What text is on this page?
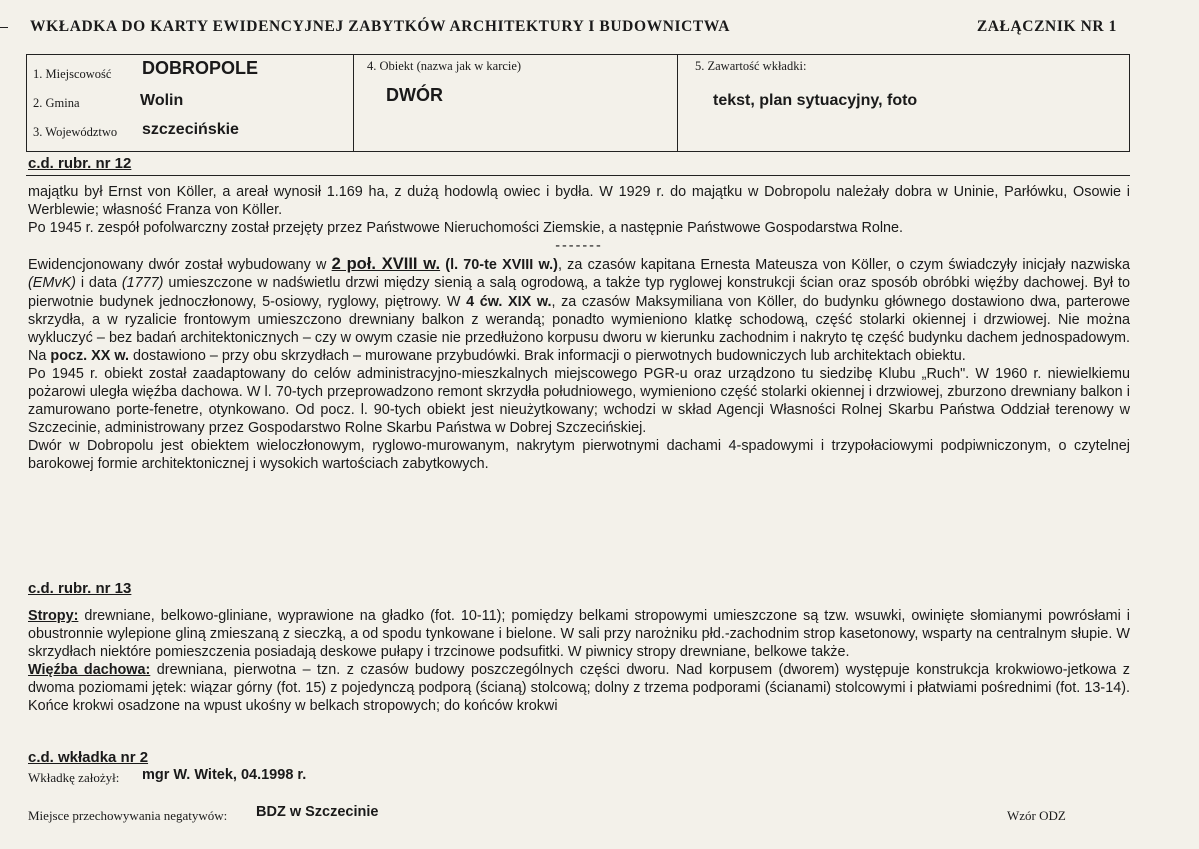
WKŁADKA DO KARTY EWIDENCYJNEJ ZABYTKÓW ARCHITEKTURY I BUDOWNICTWA	ZAŁĄCZNIK NR 1
1. Miejscowość DOBROPOLE
2. Gmina	Wolin
3. Województwo szczecińskie
4. Obiekt (nazwa jak w karcie)
DWÓR
5. Zawartość wkładki:
tekst, plan sytuacyjny, foto
c.d. rubr. nr 12

majątku był Ernst von Köller, a areał wynosił 1.169 ha, z dużą hodowlą owiec i bydła. W 1929 r. do majątku w Dobropolu należały dobra w Uninie, Parłówku, Osowie i Werblewie; własność Franza von Köller.

Po 1945 r. zespół pofolwarczny został przejęty przez Państwowe Nieruchomości Ziemskie, a następnie Państwowe Gospodarstwa Rolne.

-------

Ewidencjonowany dwór został wybudowany w 2 poł. XVIII w. (l. 70-te XVIII w.), za czasów kapitana Ernesta Mateusza von Köller, o czym świadczyły inicjały nazwiska (EMvK) i data (1777) umieszczone w nadświetlu drzwi między sienią a salą ogrodową, a także typ ryglowej konstrukcji ścian oraz sposób obróbki więźby dachowej. Był to pierwotnie budynek jednoczłonowy, 5-osiowy, ryglowy, piętrowy. W 4 ćw. XIX w., za czasów Maksymiliana von Köller, do budynku głównego dostawiono dwa, parterowe skrzydła, a w ryzalicie frontowym umieszczono drewniany balkon z werandą; ponadto wymieniono klatkę schodową, część stolarki okiennej i drzwiowej. Nie można wykluczyć – bez badań architektonicznych – czy w owym czasie nie przedłużono korpusu dworu w kierunku zachodnim i nakryto tę część budynku dachem jednospadowym. Na pocz. XX w. dostawiono – przy obu skrzydłach – murowane przybudówki. Brak informacji o pierwotnych budowniczych lub architektach obiektu.

Po 1945 r. obiekt został zaadaptowany do celów administracyjno-mieszkalnych miejscowego PGR-u oraz urządzono tu siedzibę Klubu „Ruch". W 1960 r. niewielkiemu pożarowi uległa więźba dachowa. W l. 70-tych przeprowadzono remont skrzydła południowego, wymieniono część stolarki okiennej i drzwiowej, zburzono drewniany balkon i zamurowano porte-fenetre, otynkowano. Od pocz. l. 90-tych obiekt jest nieużytkowany; wchodzi w skład Agencji Własności Rolnej Skarbu Państwa Oddział terenowy w Szczecinie, administrowany przez Gospodarstwo Rolne Skarbu Państwa w Dobrej Szczecińskiej.

Dwór w Dobropolu jest obiektem wieloczłonowym, ryglowo-murowanym, nakrytym pierwotnymi dachami 4-spadowymi i trzypołaciowymi podpiwniczonym, o czytelnej barokowej formie architektonicznej i wysokich wartościach zabytkowych.

c.d. rubr. nr 13

Stropy: drewniane, belkowo-gliniane, wyprawione na gładko (fot. 10-11); pomiędzy belkami stropowymi umieszczone są tzw. wsuwki, owinięte słomianymi powrósłami i obustronnie wylepione gliną zmieszaną z sieczką, a od spodu tynkowane i bielone. W sali przy narożniku płd.-zachodnim strop kasetonowy, wsparty na centralnym słupie. W skrzydłach niektóre pomieszczenia posiadają deskowe pułapy i trzcinowe podsufitki. W piwnicy stropy drewniane, belkowe także.

Więźba dachowa: drewniana, pierwotna – tzn. z czasów budowy poszczególnych części dworu. Nad korpusem (dworem) występuje konstrukcja krokwiowo-jetkowa z dwoma poziomami jętek: wiązar górny (fot. 15) z pojedynczą podporą (ścianą) stolcową; dolny z trzema podporami (ścianami) stolcowymi i płatwiami pośrednimi (fot. 13-14). Końce krokwi osadzone na wpust ukośny w belkach stropowych; do końców krokwi

c.d. wkładka nr 2
Wkładkę założył: mgr W. Witek, 04.1998 r.
Miejsce przechowywania negatywów: BDZ w Szczecinie	Wzór ODZ
